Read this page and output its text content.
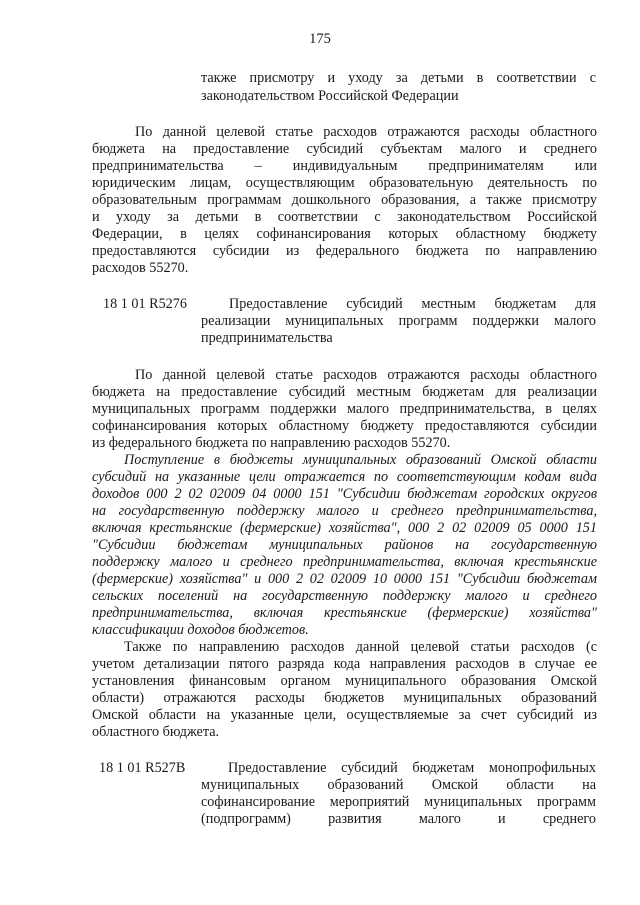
175
также присмотру и уходу за детьми в соответствии с
законодательством Российской Федерации
По данной целевой статье расходов отражаются расходы областного
бюджета на предоставление субсидий субъектам малого и среднего
предпринимательства – индивидуальным предпринимателям или
юридическим лицам, осуществляющим образовательную деятельность по
образовательным программам дошкольного образования, а также присмотру
и уходу за детьми в соответствии с законодательством Российской
Федерации, в целях софинансирования которых областному бюджету
предоставляются субсидии из федерального бюджета по направлению
расходов 55270.
18 1 01 R5276	Предоставление субсидий местным бюджетам для
реализации муниципальных программ поддержки малого
предпринимательства
По данной целевой статье расходов отражаются расходы областного
бюджета на предоставление субсидий местным бюджетам для реализации
муниципальных программ поддержки малого предпринимательства, в целях
софинансирования которых областному бюджету предоставляются субсидии
из федерального бюджета по направлению расходов 55270.
Поступление в бюджеты муниципальных образований Омской области
субсидий на указанные цели отражается по соответствующим кодам вида
доходов 000 2 02 02009 04 0000 151 "Субсидии бюджетам городских округов
на государственную поддержку малого и среднего предпринимательства,
включая крестьянские (фермерские) хозяйства", 000 2 02 02009 05 0000 151
"Субсидии бюджетам муниципальных районов на государственную
поддержку малого и среднего предпринимательства, включая крестьянские
(фермерские) хозяйства" и 000 2 02 02009 10 0000 151 "Субсидии бюджетам
сельских поселений на государственную поддержку малого и среднего
предпринимательства, включая крестьянские (фермерские) хозяйства"
классификации доходов бюджетов.
Также по направлению расходов данной целевой статьи расходов (с
учетом детализации пятого разряда кода направления расходов в случае ее
установления финансовым органом муниципального образования Омской
области) отражаются расходы бюджетов муниципальных образований
Омской области на указанные цели, осуществляемые за счет субсидий из
областного бюджета.
18 1 01 R527B	Предоставление субсидий бюджетам монопрофильных
муниципальных образований Омской области на
софинансирование мероприятий муниципальных программ
(подпрограмм) развития малого и среднего
